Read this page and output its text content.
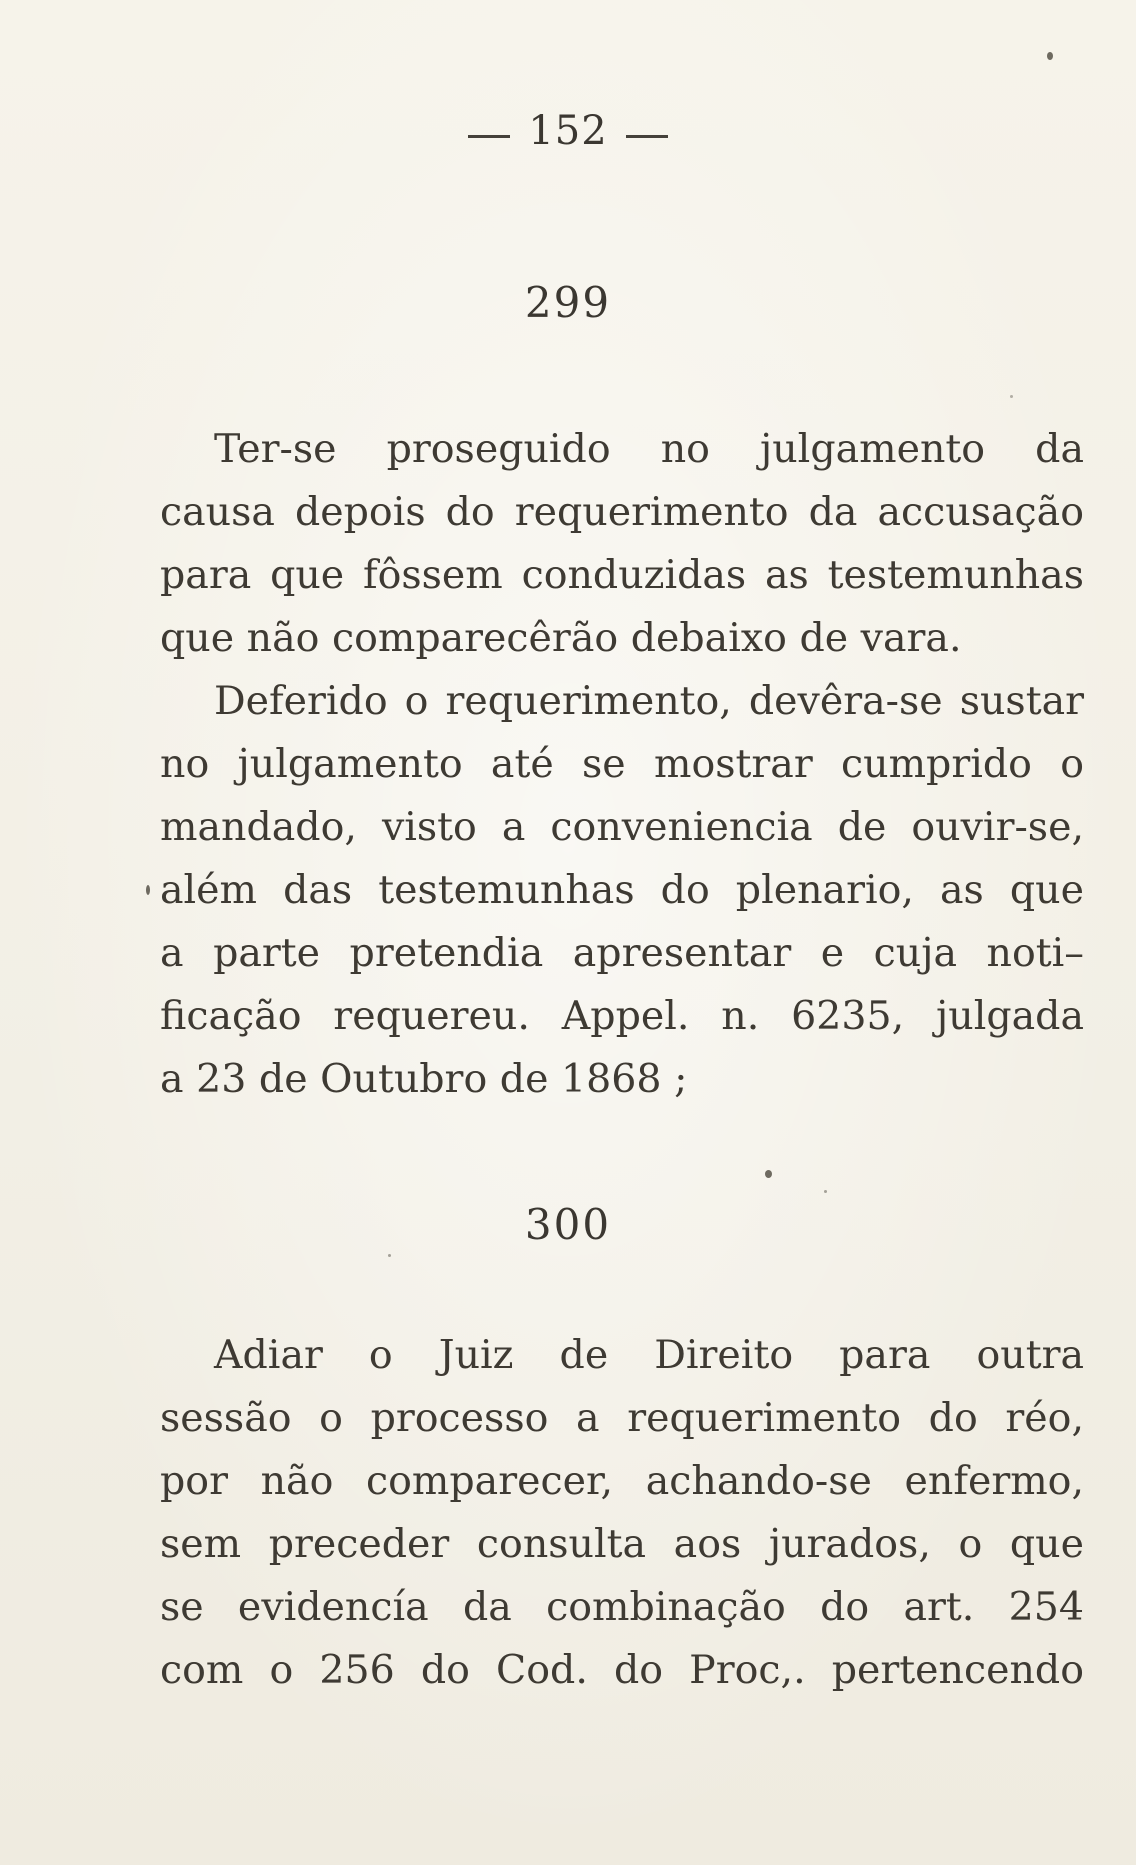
152
299
Ter-se proseguido no julgamento da
causa depois do requerimento da accusação
para que fôssem conduzidas as testemunhas
que não comparecêrão debaixo de vara.
Deferido o requerimento, devêra-se sustar
no julgamento até se mostrar cumprido o
mandado, visto a conveniencia de ouvir-se,
além das testemunhas do plenario, as que
a parte pretendia apresentar e cuja noti–
ficação requereu. Appel. n. 6235, julgada
a 23 de Outubro de 1868 ;
300
Adiar o Juiz de Direito para outra
sessão o processo a requerimento do réo,
por não comparecer, achando-se enfermo,
sem preceder consulta aos jurados, o que
se evidencía da combinação do art. 254
com o 256 do Cod. do Proc,. pertencendo
